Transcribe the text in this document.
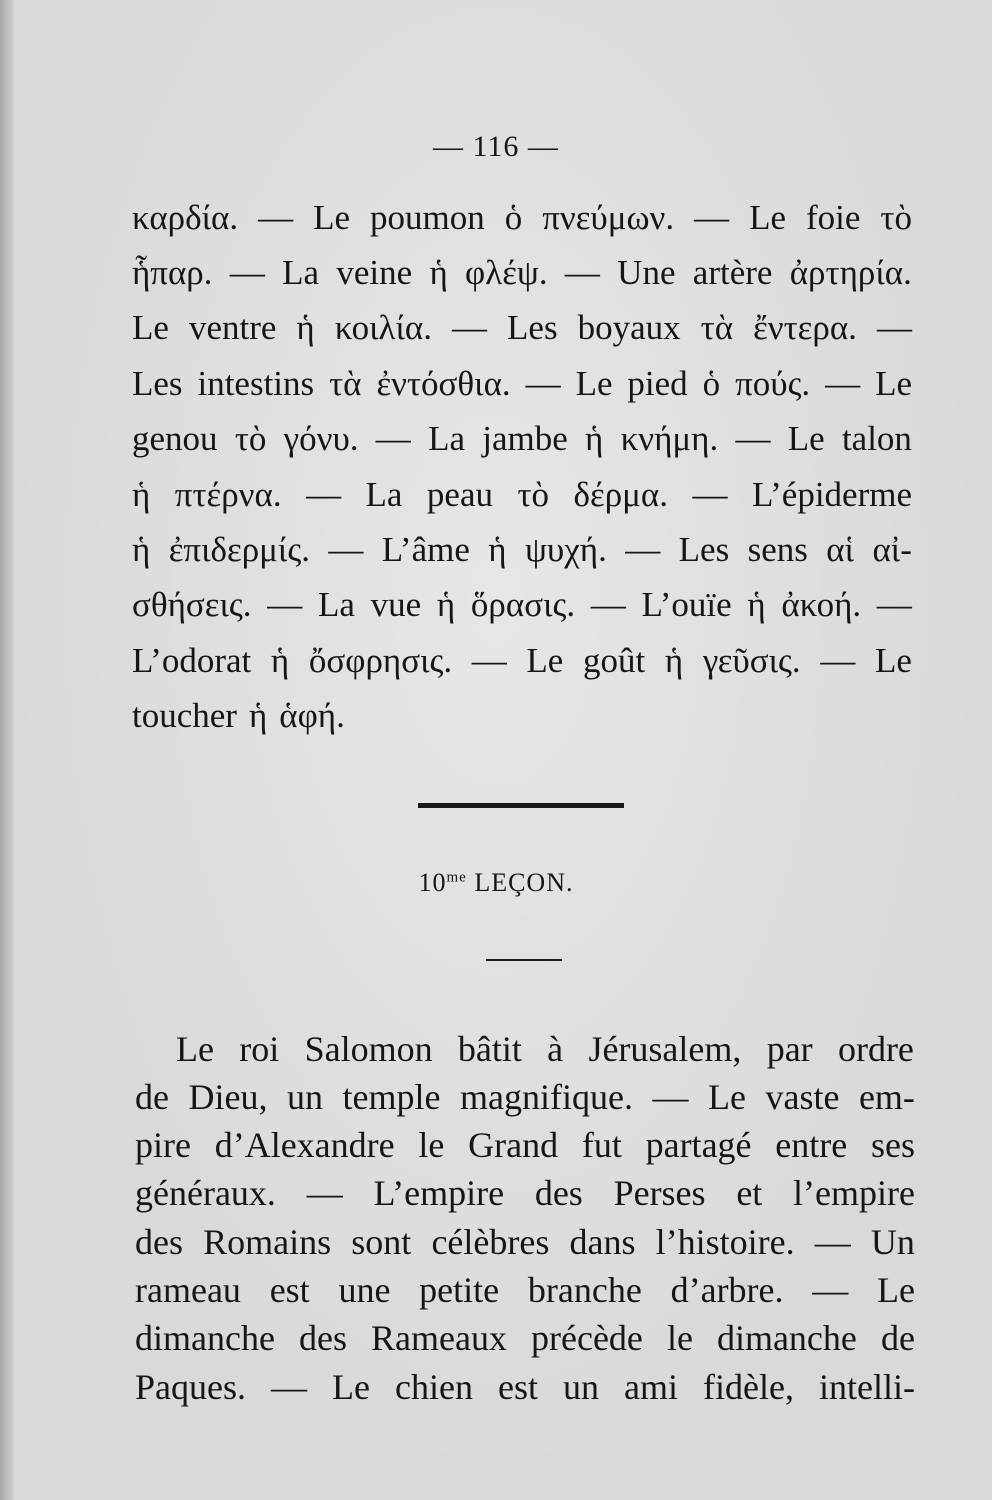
— 116 —
καρδία. — Le poumon ὁ πνεύμων. — Le foie τὸ
ἧπαρ. — La veine ἡ φλέψ. — Une artère ἀρτηρία.
Le ventre ἡ κοιλία. — Les boyaux τὰ ἔντερα. —
Les intestins τὰ ἐντόσθια. — Le pied ὁ πούς. — Le
genou τὸ γόνυ. — La jambe ἡ κνήμη. — Le talon
ἡ πτέρνα. — La peau τὸ δέρμα. — L’épiderme
ἡ ἐπιδερμίς. — L’âme ἡ ψυχή. — Les sens αἱ αἰ-
σθήσεις. — La vue ἡ ὅρασις. — L’ouïe ἡ ἀκοή. —
L’odorat ἡ ὄσφρησις. — Le goût ἡ γεῦσις. — Le
toucher ἡ ἁφή.
$10^{me}$ LEÇON.
Le roi Salomon bâtit à Jérusalem, par ordre
de Dieu, un temple magnifique. — Le vaste em-
pire d’Alexandre le Grand fut partagé entre ses
généraux. — L’empire des Perses et l’empire
des Romains sont célèbres dans l’histoire. — Un
rameau est une petite branche d’arbre. — Le
dimanche des Rameaux précède le dimanche de
Paques. — Le chien est un ami fidèle, intelli-
